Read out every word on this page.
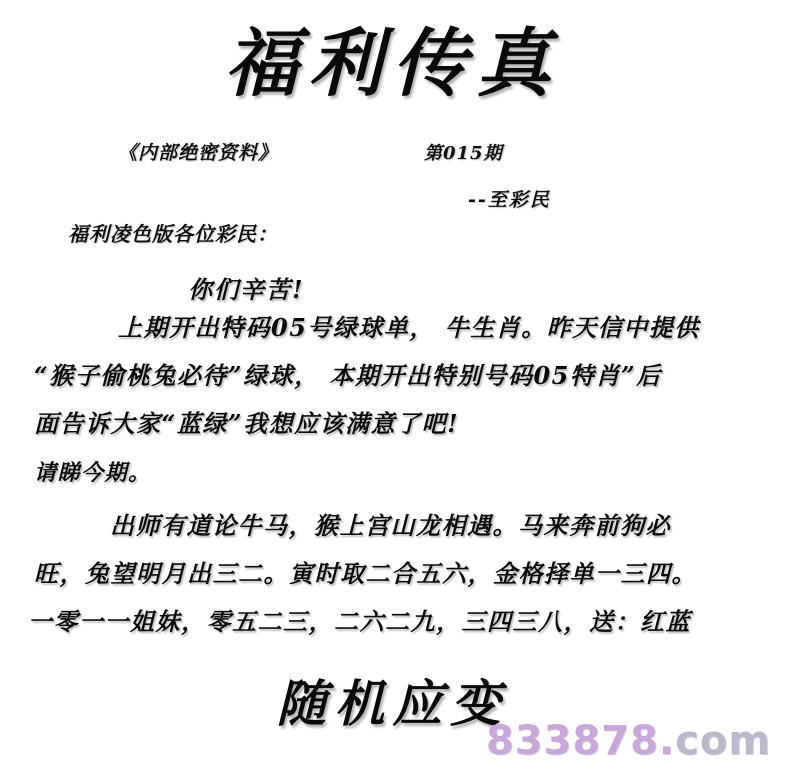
福利传真
《内部绝密资料》	第015期
--至彩民
福利凌色版各位彩民：
你们辛苦!
上期开出特码05号绿球单， 牛生肖。昨天信中提供
“猴子偷桃兔必待”绿球， 本期开出特别号码05特肖”后
面告诉大家“蓝绿”我想应该满意了吧!
请睇今期。
出师有道论牛马，猴上宫山龙相遇。马来奔前狗必
旺，兔望明月出三二。寅时取二合五六，金格择单一三四。
一零一一姐妹，零五二三，二六二九，三四三八，送：红蓝
随机应变
833878.com
